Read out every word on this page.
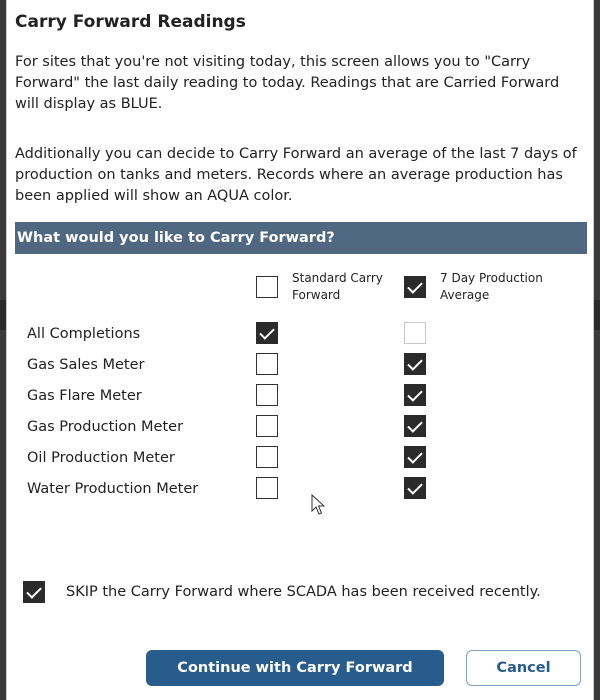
Carry Forward Readings

For sites that you're not visiting today, this screen allows you to "Carry Forward" the last daily reading to today. Readings that are Carried Forward will display as BLUE.

Additionally you can decide to Carry Forward an average of the last 7 days of production on tanks and meters. Records where an average production has been applied will show an AQUA color.

What would you like to Carry Forward?
Standard Carry Forward
7 Day Production Average
All Completions
Gas Sales Meter
Gas Flare Meter
Gas Production Meter
Oil Production Meter
Water Production Meter
SKIP the Carry Forward where SCADA has been received recently.
Continue with Carry Forward	Cancel
